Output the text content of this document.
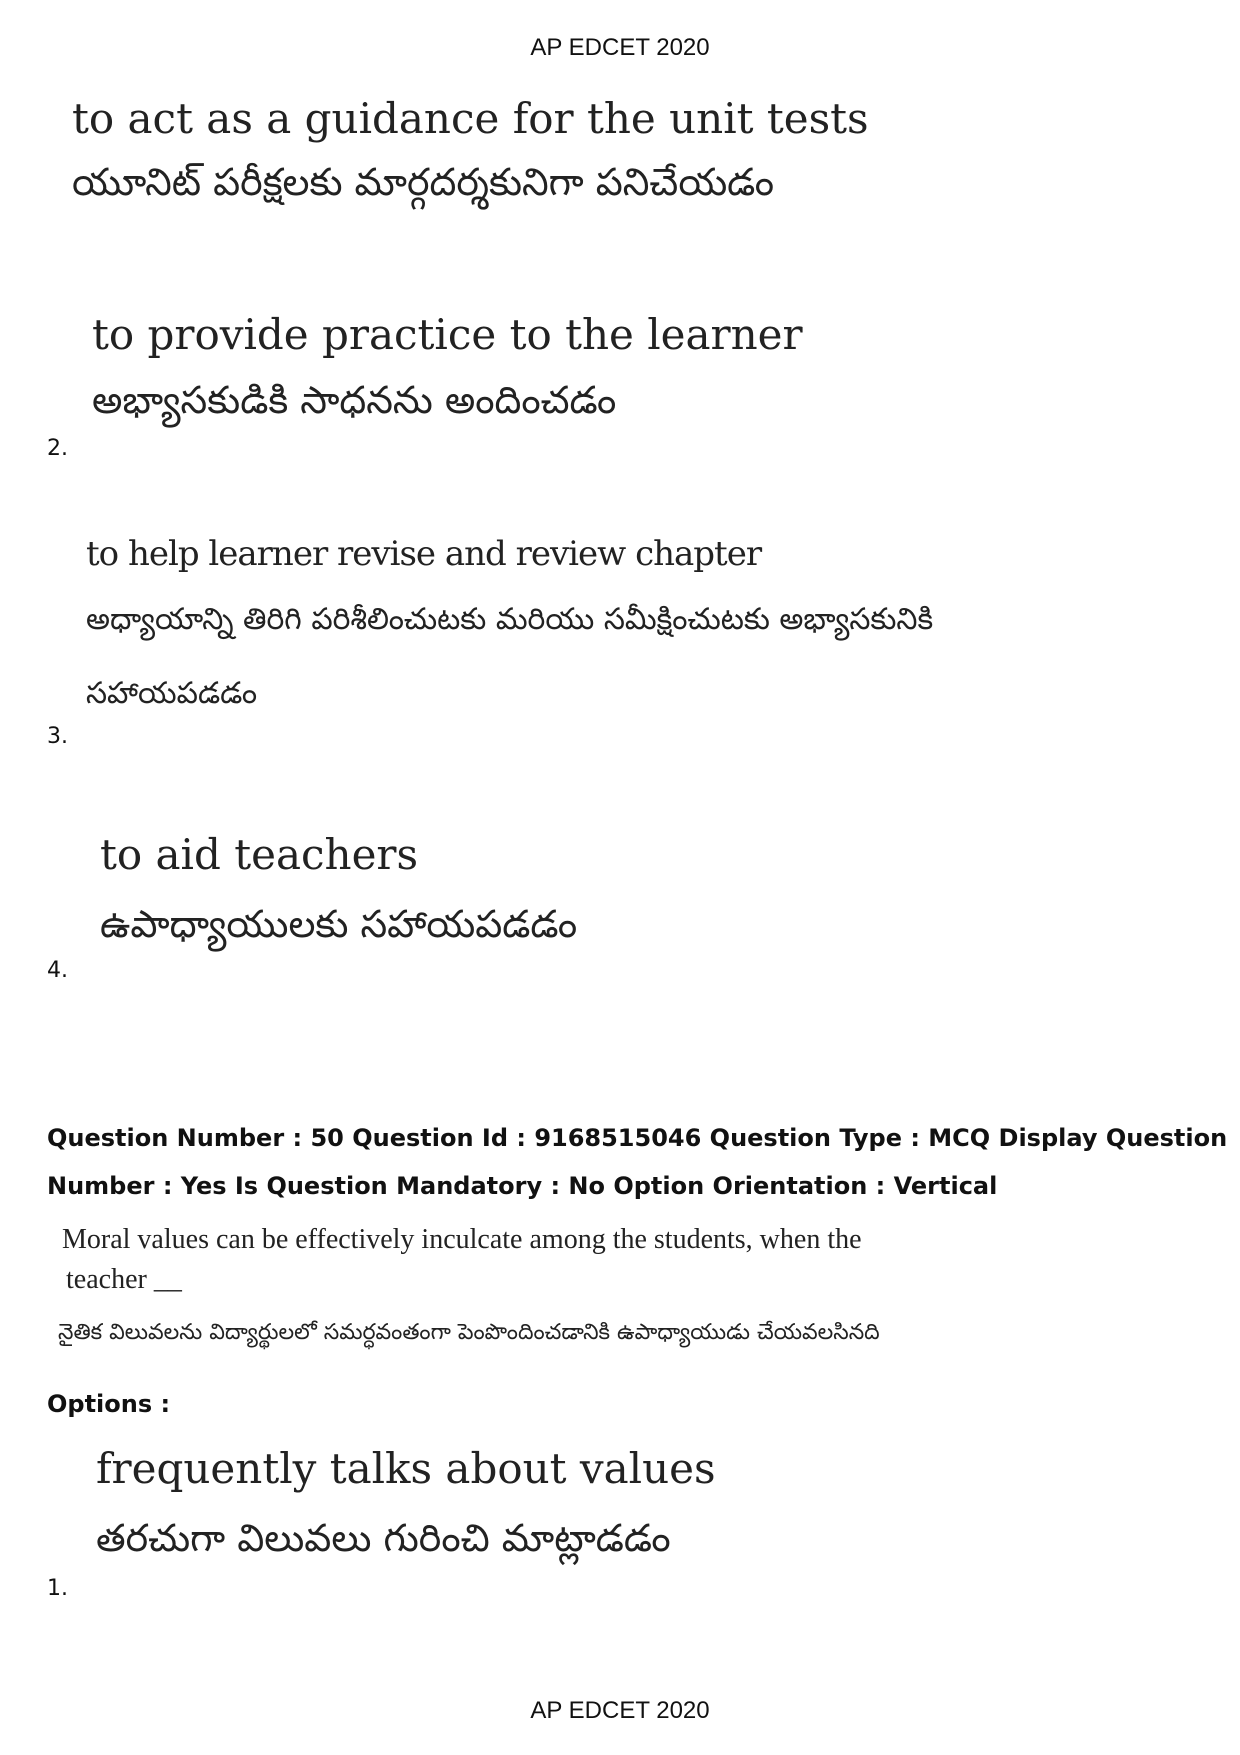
AP EDCET 2020
to act as a guidance for the unit tests
యూనిట్ పరీక్షలకు మార్గదర్శకునిగా పనిచేయడం
to provide practice to the learner
అభ్యాసకుడికి సాధనను అందించడం
2.
to help learner revise and review chapter
అధ్యాయాన్ని తిరిగి పరిశీలించుటకు మరియు సమీక్షించుటకు అభ్యాసకునికి
సహాయపడడం
3.
to aid teachers
ఉపాధ్యాయులకు సహాయపడడం
4.
Question Number : 50 Question Id : 9168515046 Question Type : MCQ Display Question
Number : Yes Is Question Mandatory : No Option Orientation : Vertical
Moral values can be effectively inculcate among the students, when the
teacher __
నైతిక విలువలను విద్యార్థులలో సమర్ధవంతంగా పెంపొందించడానికి ఉపాధ్యాయుడు చేయవలసినది
Options :
frequently talks about values
తరచుగా విలువలు గురించి మాట్లాడడం
1.
AP EDCET 2020
